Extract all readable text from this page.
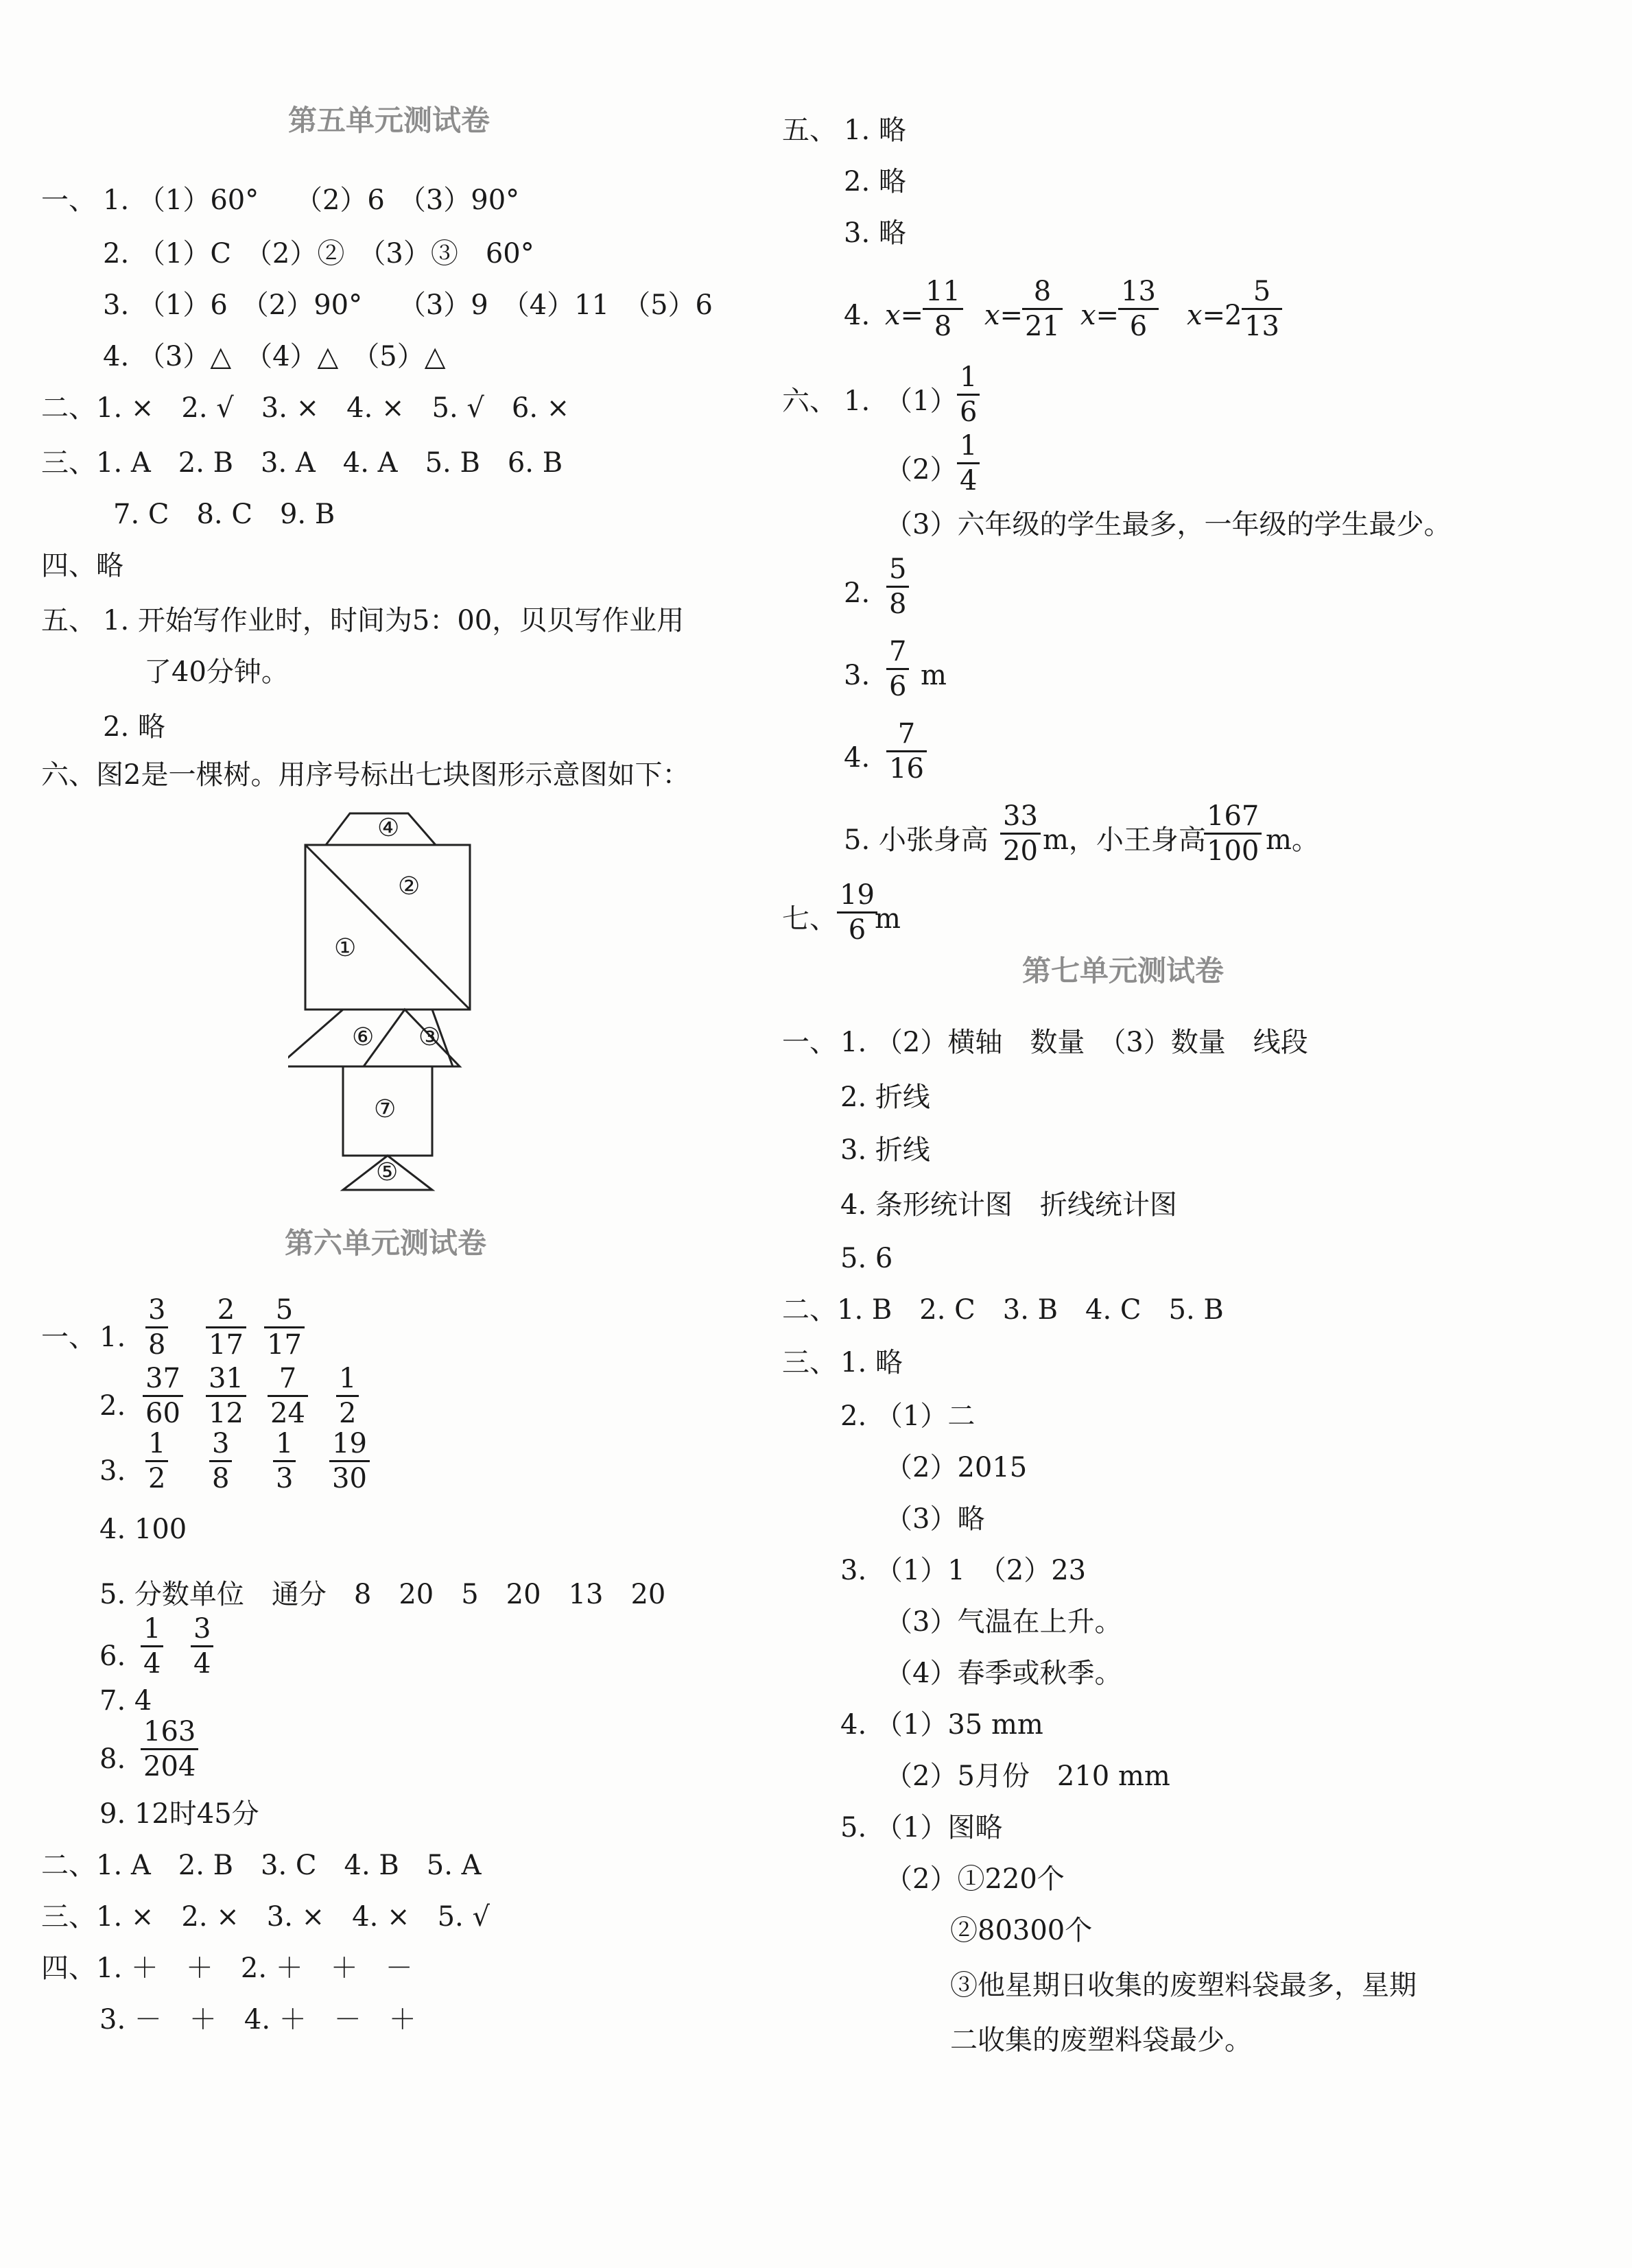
第五单元测试卷
一、 1. （1）60°　 （2）6　（3）90°
2. （1）C　（2）②　（3）③　60°
3. （1）6　（2）90°　 （3）9　（4）11　（5）6
4. （3）△　（4）△　（5）△
二、1. ×　2. √　3. ×　4. ×　5. √　6. ×
三、1. A　2. B　3. A　4. A　5. B　6. B
7. C　8. C　9. B
四、略
五、 1. 开始写作业时，时间为5：00，贝贝写作业用
了40分钟。
2. 略
六、图2是一棵树。用序号标出七块图形示意图如下：
④
②
①
⑥ ③
⑦
⑤
第六单元测试卷
一、 1.
3
8
2
17
5
17
2.
37
60
31
12
7
24
1
2
3.
1
2
3
8
1
3
19
30
4. 100
5. 分数单位　通分　8　20　5　20　13　20
6.
1
4
3
4
7. 4
8.
163
204
9. 12时45分
二、1. A　2. B　3. C　4. B　5. A
三、1. ×　2. ×　3. ×　4. ×　5. √
四、1. ＋　＋　2. ＋　＋　－
3. －　＋　4. ＋　－　＋
五、 1. 略
2. 略
3. 略
4. x=
11
8	x=
8
21 x=
13
6	x=
2
5
13
六、 1. （1）
1
6
（2）
1
4
（3）六年级的学生最多，一年级的学生最少。
2.
5
8
3.
7
6 m
4.
7
16
5. 小张身高
33
20 m，小王身高
167
100 m。
七、
19
6 m
第七单元测试卷
一、 1. （2）横轴　数量　（3）数量　线段
2. 折线
3. 折线
4. 条形统计图　折线统计图
5. 6
二、1. B　2. C　3. B　4. C　5. B
三、 1. 略
2. （1）二
（2）2015
（3）略
3. （1）1　（2）23
（3）气温在上升。
（4）春季或秋季。
4. （1）35 mm
（2）5月份　210 mm
5. （1）图略
（2）①220个
②80300个
③他星期日收集的废塑料袋最多，星期
二收集的废塑料袋最少。
